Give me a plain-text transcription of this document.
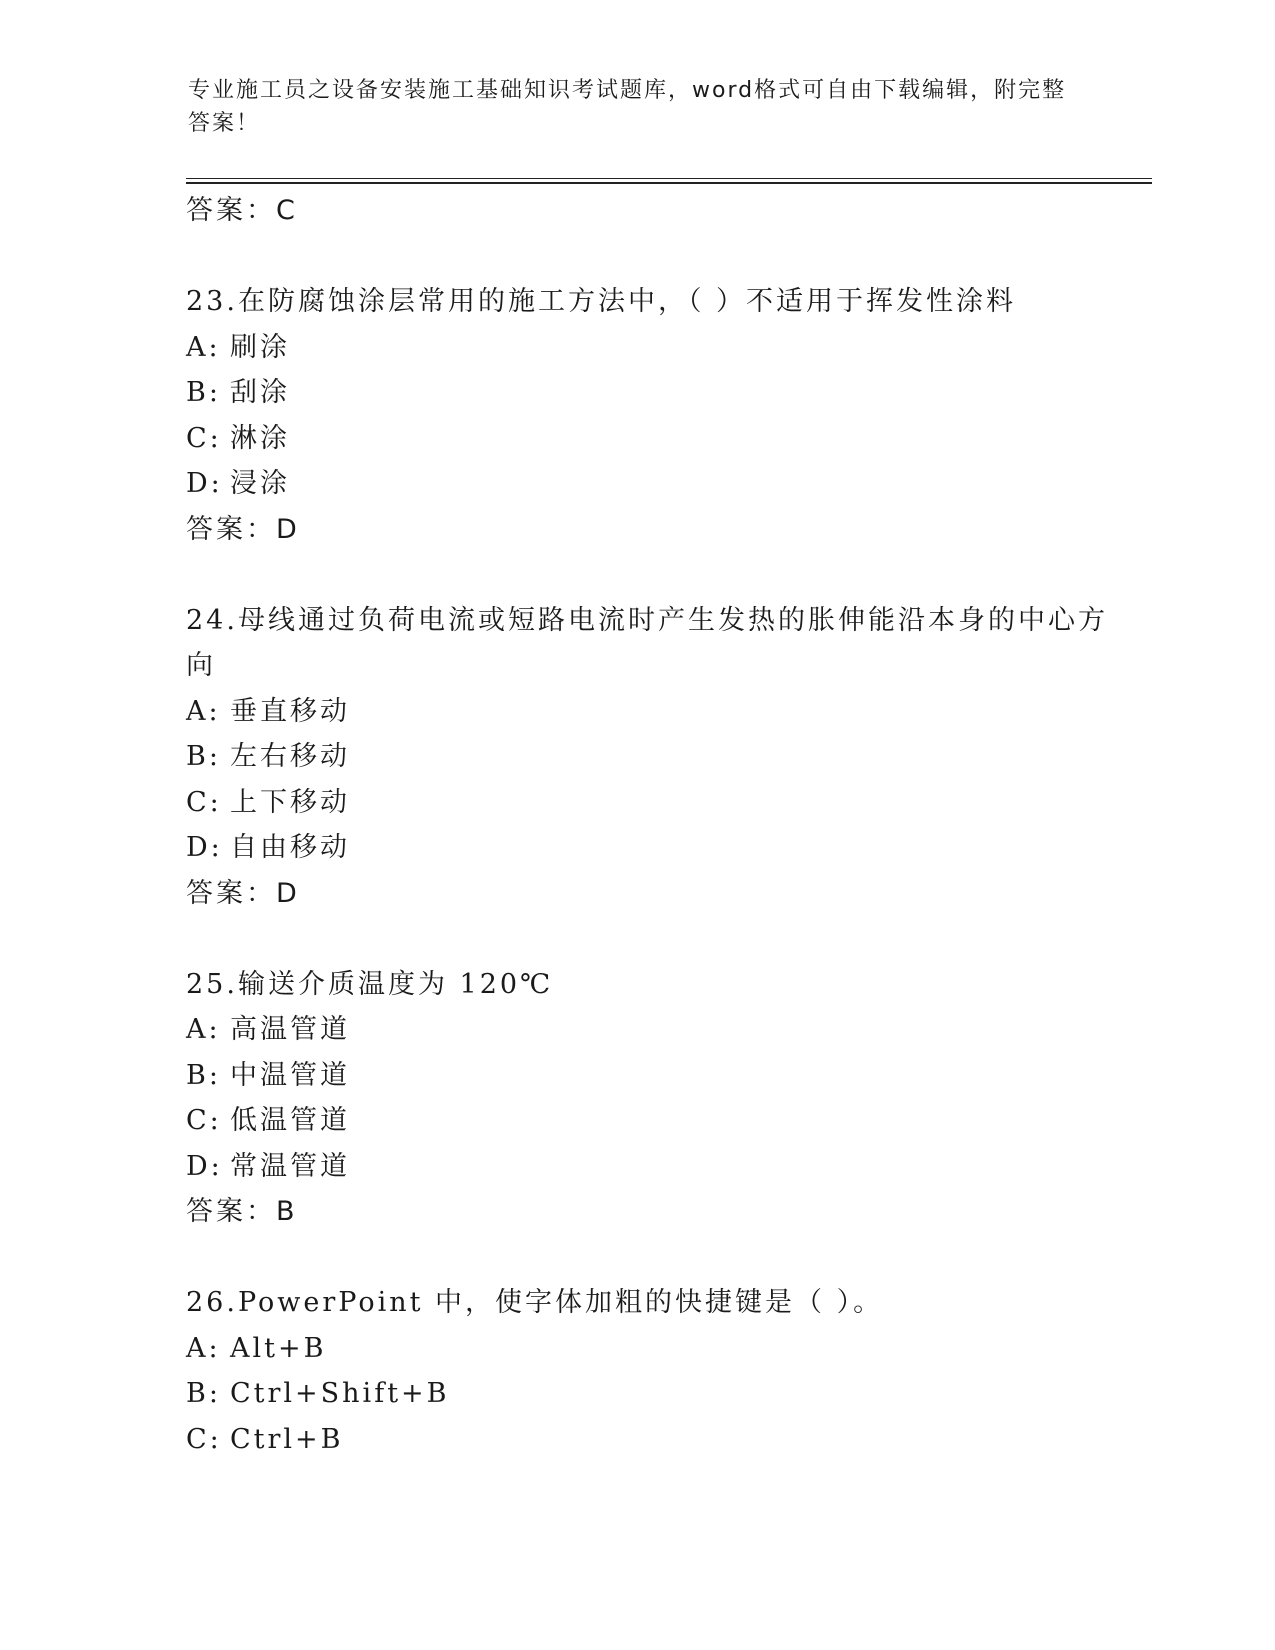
专业施工员之设备安装施工基础知识考试题库，word格式可自由下载编辑，附完整答案！
答案：C
23.在防腐蚀涂层常用的施工方法中，（ ）不适用于挥发性涂料
A: 刷涂
B: 刮涂
C: 淋涂
D: 浸涂
答案：D
24.母线通过负荷电流或短路电流时产生发热的胀伸能沿本身的中心方
向
A: 垂直移动
B: 左右移动
C: 上下移动
D: 自由移动
答案：D
25.输送介质温度为 120℃
A: 高温管道
B: 中温管道
C: 低温管道
D: 常温管道
答案：B
26.PowerPoint 中，使字体加粗的快捷键是（ ）。
A: Alt+B
B: Ctrl+Shift+B
C: Ctrl+B
